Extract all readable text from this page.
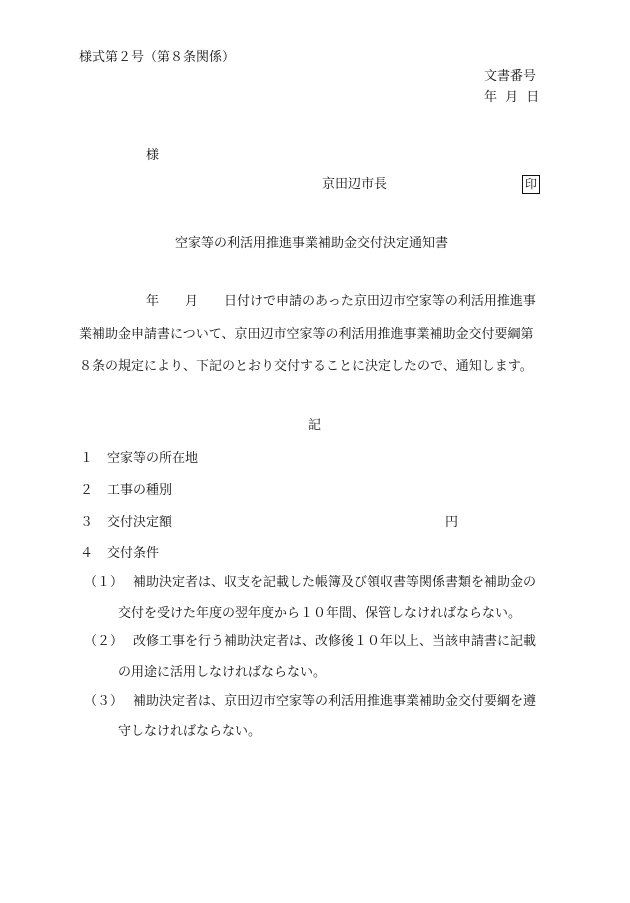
様式第２号（第８条関係）
文書番号
年 月 日
様
京田辺市長	印
空家等の利活用推進事業補助金交付決定通知書
年　　月　　日付けで申請のあった京田辺市空家等の利活用推進事
業補助金申請書について、京田辺市空家等の利活用推進事業補助金交付要綱第
８条の規定により、下記のとおり交付することに決定したので、通知します。
記
１ 空家等の所在地
２ 工事の種別
３ 交付決定額	円
４ 交付条件
（１） 補助決定者は、収支を記載した帳簿及び領収書等関係書類を補助金の
交付を受けた年度の翌年度から１０年間、保管しなければならない。
（２） 改修工事を行う補助決定者は、改修後１０年以上、当該申請書に記載
の用途に活用しなければならない。
（３） 補助決定者は、京田辺市空家等の利活用推進事業補助金交付要綱を遵
守しなければならない。
